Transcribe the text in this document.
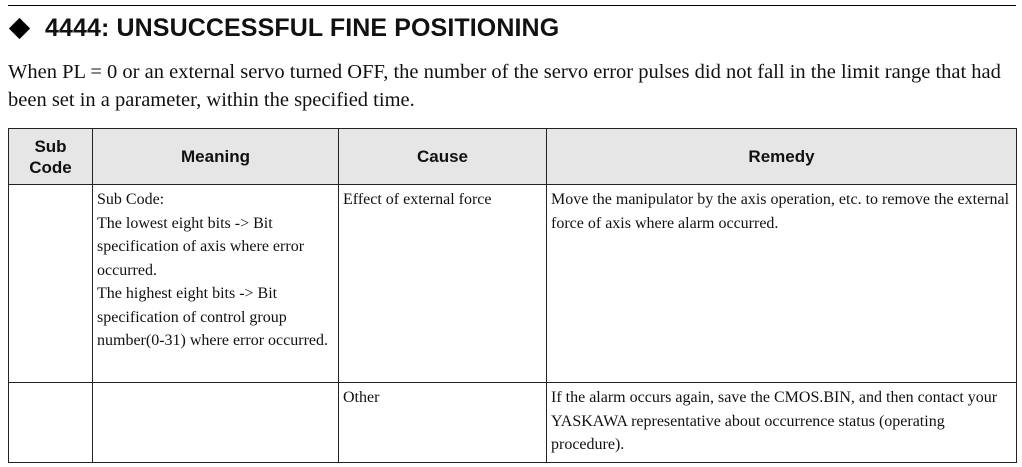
4444: UNSUCCESSFUL FINE POSITIONING
When PL = 0 or an external servo turned OFF, the number of the servo error pulses did not fall in the limit range that had been set in a parameter, within the specified time.
Sub Code	Meaning	Cause	Remedy

	Sub Code:
The lowest eight bits -> Bit specification of axis where error occurred.
The highest eight bits -> Bit specification of control group number(0-31) where error occurred.	Effect of external force	Move the manipulator by the axis operation, etc. to remove the external force of axis where alarm occurred.
		Other	If the alarm occurs again, save the CMOS.BIN, and then contact your YASKAWA representative about occurrence status (operating procedure).
